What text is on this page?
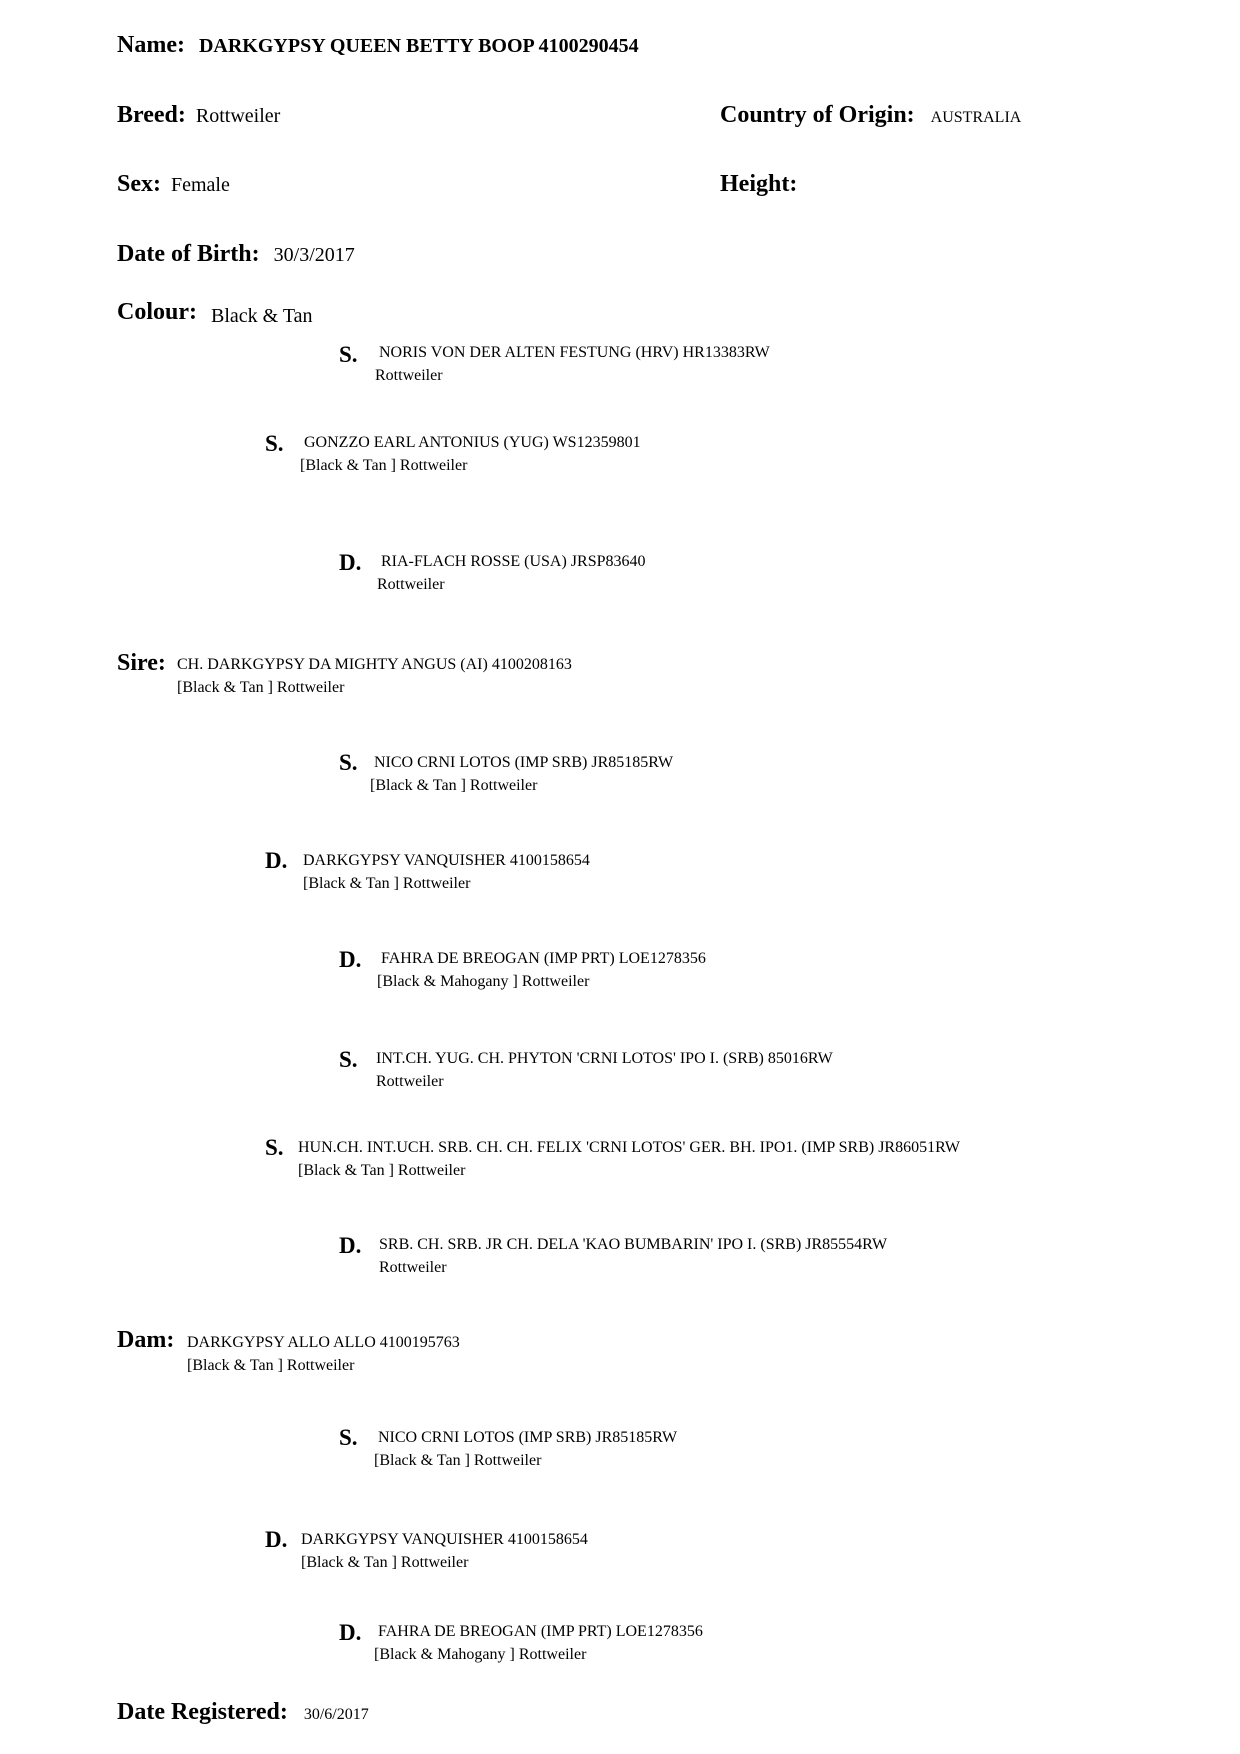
Name: DARKGYPSY QUEEN BETTY BOOP 4100290454
Breed: Rottweiler	Country of Origin: AUSTRALIA
Sex: Female	Height:
Date of Birth: 30/3/2017
Colour: Black & Tan
S. NORIS VON DER ALTEN FESTUNG (HRV) HR13383RW
Rottweiler
S. GONZZO EARL ANTONIUS (YUG) WS12359801
[Black & Tan ] Rottweiler
D. RIA-FLACH ROSSE (USA) JRSP83640
Rottweiler
Sire: CH. DARKGYPSY DA MIGHTY ANGUS (AI) 4100208163
[Black & Tan ] Rottweiler
S. NICO CRNI LOTOS (IMP SRB) JR85185RW
[Black & Tan ] Rottweiler
D. DARKGYPSY VANQUISHER 4100158654
[Black & Tan ] Rottweiler
D. FAHRA DE BREOGAN (IMP PRT) LOE1278356
[Black & Mahogany ] Rottweiler
S. INT.CH. YUG. CH. PHYTON 'CRNI LOTOS' IPO I. (SRB) 85016RW
Rottweiler
S. HUN.CH. INT.UCH. SRB. CH. CH. FELIX 'CRNI LOTOS' GER. BH. IPO1. (IMP SRB) JR86051RW
[Black & Tan ] Rottweiler
D. SRB. CH. SRB. JR CH. DELA 'KAO BUMBARIN' IPO I. (SRB) JR85554RW
Rottweiler
Dam: DARKGYPSY ALLO ALLO 4100195763
[Black & Tan ] Rottweiler
S. NICO CRNI LOTOS (IMP SRB) JR85185RW
[Black & Tan ] Rottweiler
D. DARKGYPSY VANQUISHER 4100158654
[Black & Tan ] Rottweiler
D. FAHRA DE BREOGAN (IMP PRT) LOE1278356
[Black & Mahogany ] Rottweiler
Date Registered: 30/6/2017
